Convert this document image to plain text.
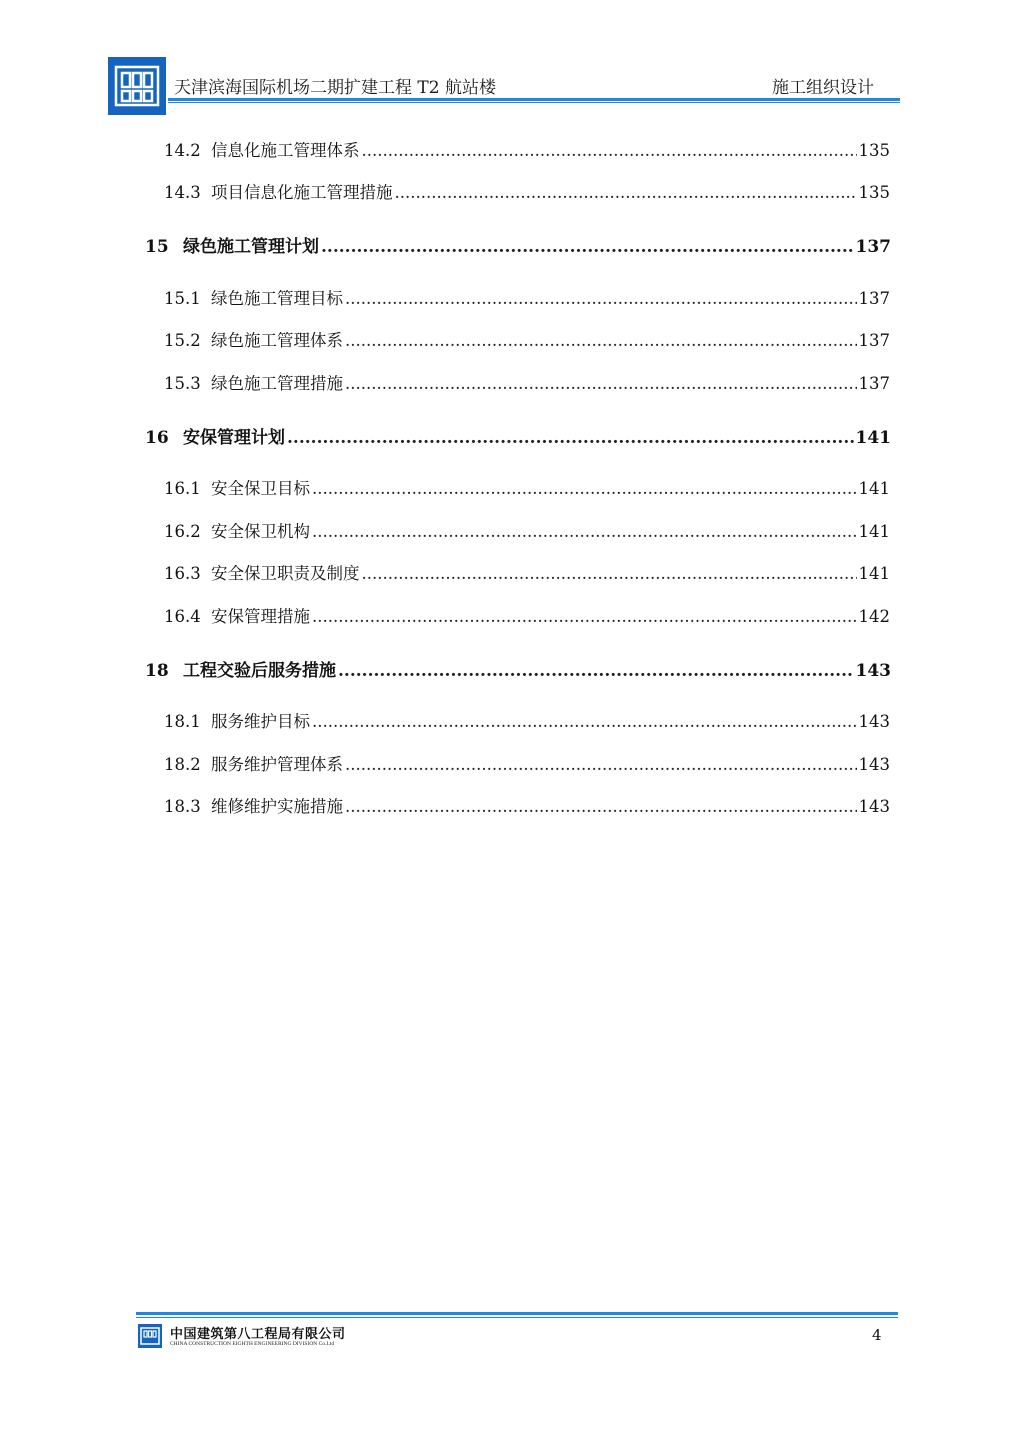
天津滨海国际机场二期扩建工程 T2 航站楼	施工组织设计
14.2 信息化施工管理体系 .....	135
14.3 项目信息化施工管理措施 .....	135
15 绿色施工管理计划 .....	137
15.1 绿色施工管理目标 .....	137
15.2 绿色施工管理体系 .....	137
15.3 绿色施工管理措施 .....	137
16 安保管理计划 .....	141
16.1 安全保卫目标 .....	141
16.2 安全保卫机构 .....	141
16.3 安全保卫职责及制度 .....	141
16.4 安保管理措施 .....	142
18 工程交验后服务措施 .....	143
18.1 服务维护目标 .....	143
18.2 服务维护管理体系 .....	143
18.3 维修维护实施措施 .....	143
中国建筑第八工程局有限公司
CHINA CONSTRUCTION EIGHTH ENGINEERING DIVISION Co.Ltd	4
